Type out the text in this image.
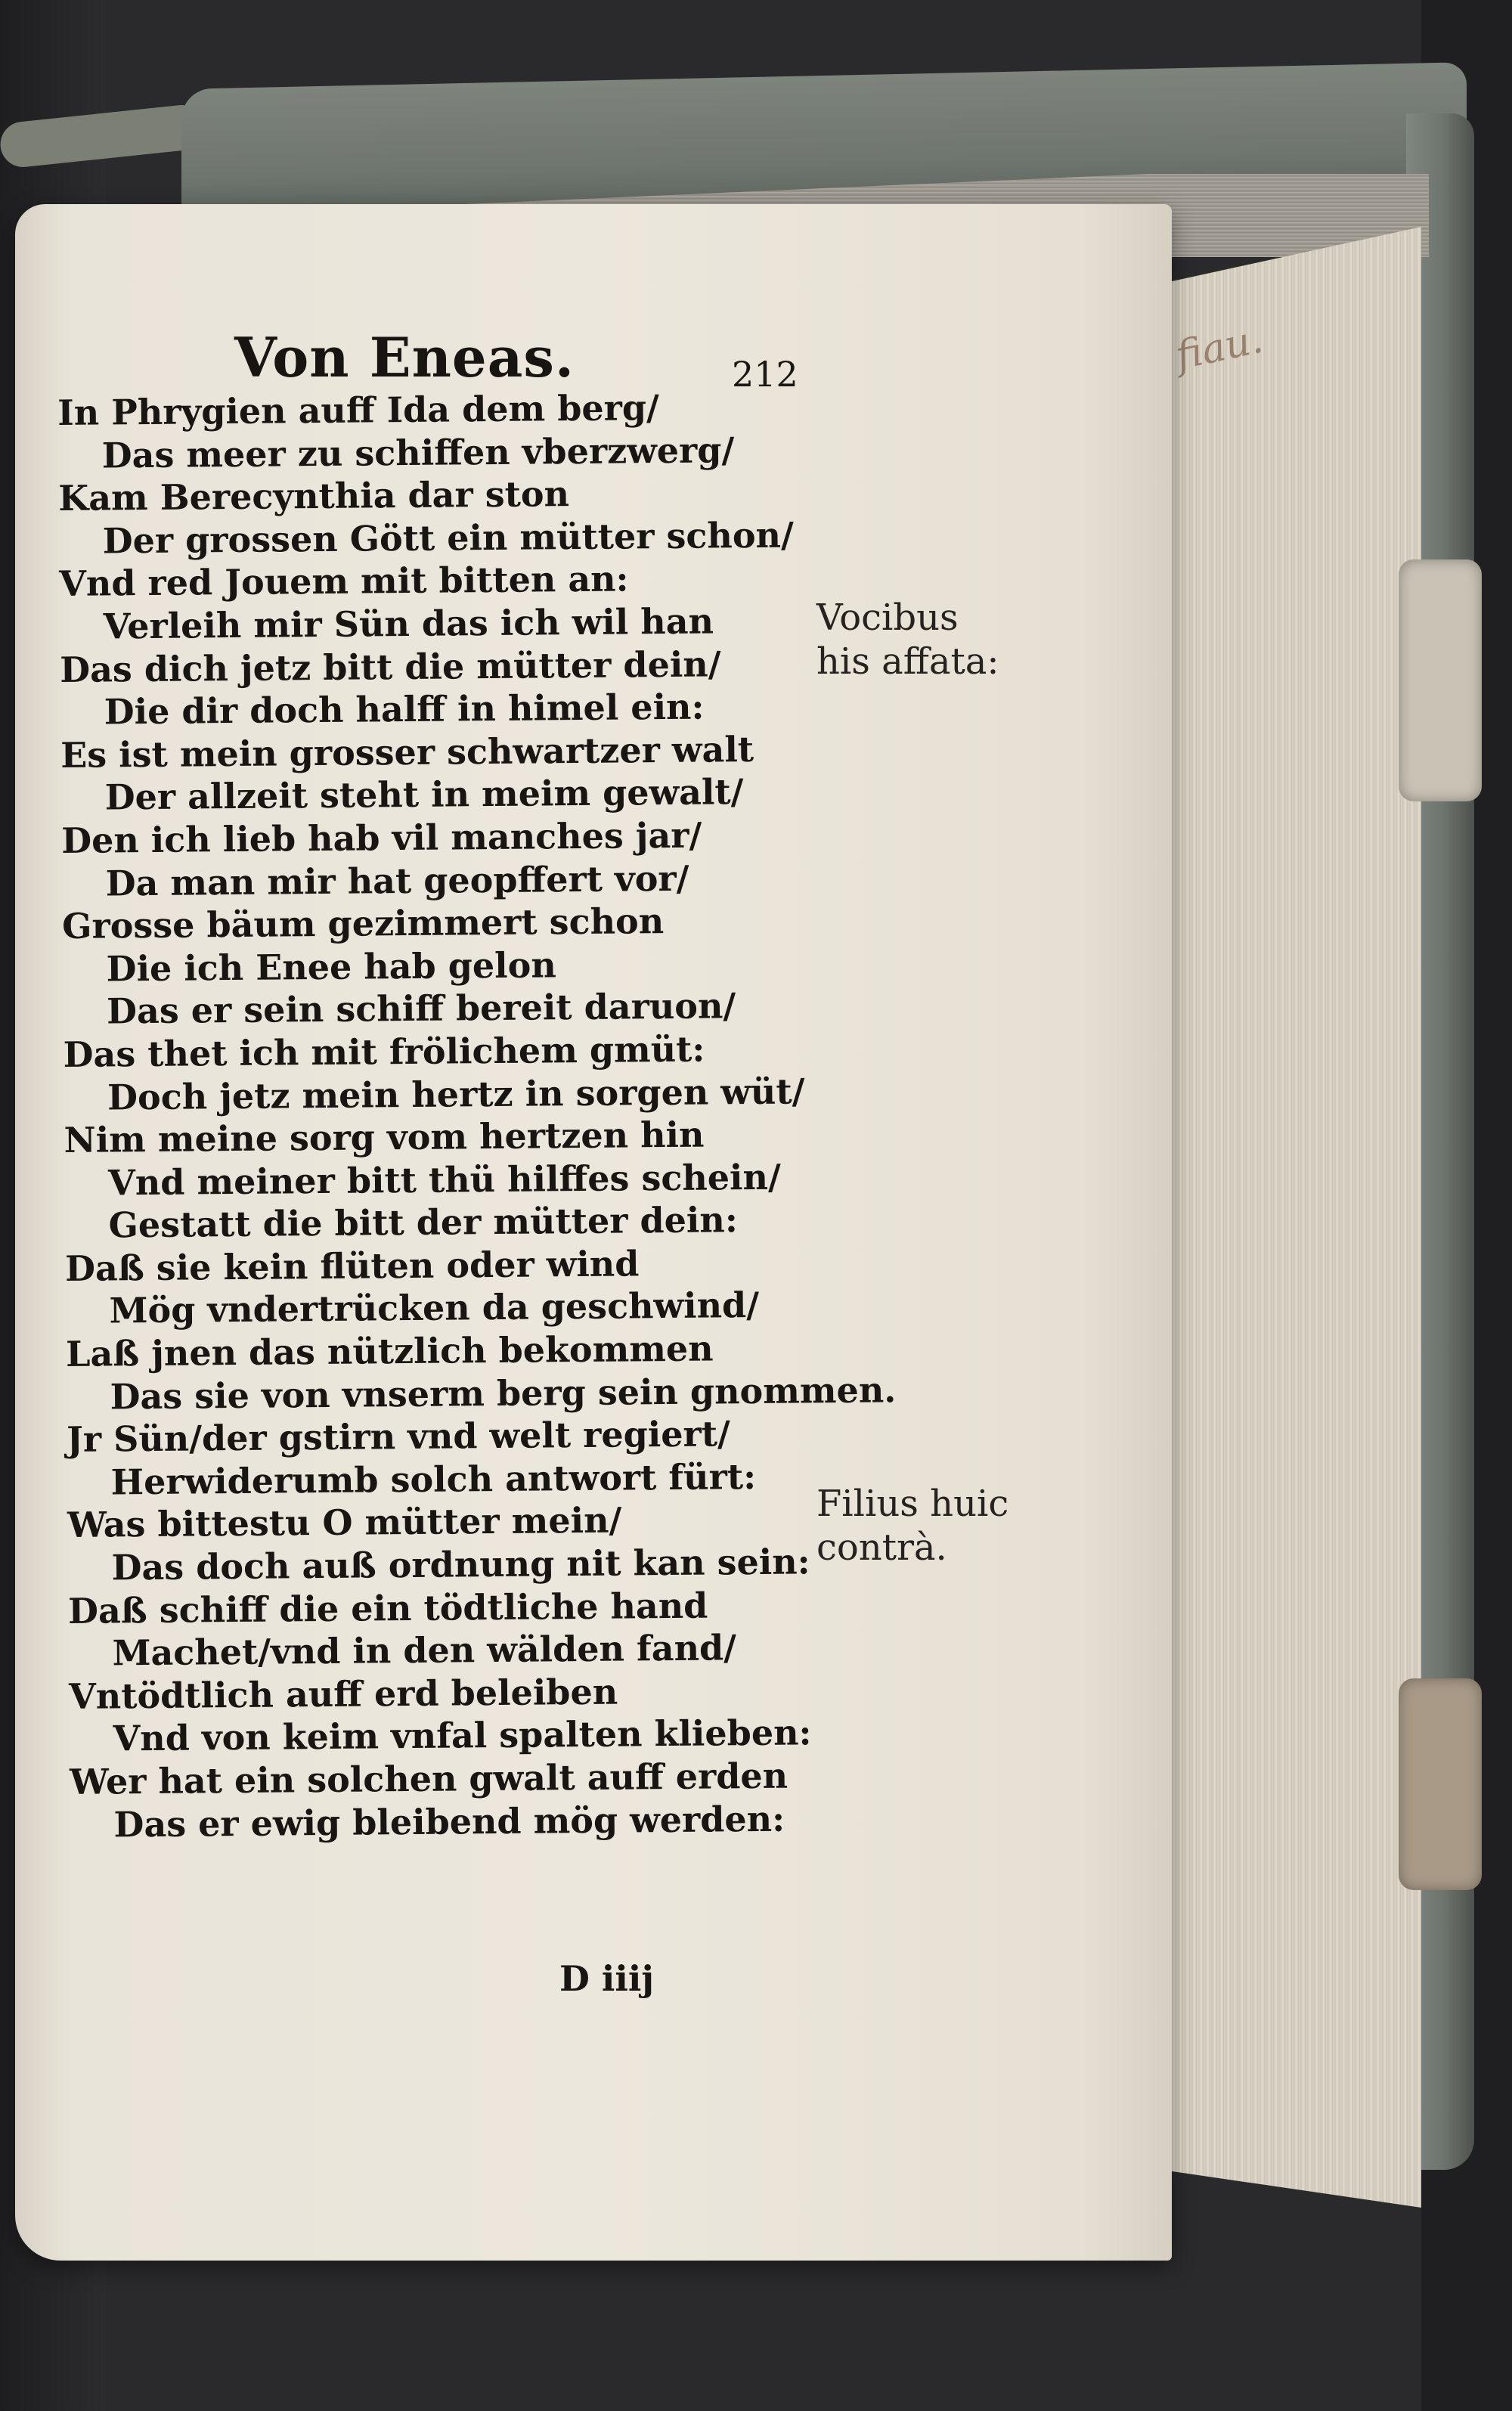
fiau.
Von Eneas.	212
In Phrygien auff Ida dem berg/
Das meer zu schiffen vberzwerg/
Kam Berecynthia dar ston
Der grossen Gött ein mütter schon/
Vnd red Jouem mit bitten an:
Verleih mir Sün das ich wil han
Das dich jetz bitt die mütter dein/
Die dir doch halff in himel ein:
Es ist mein grosser schwartzer walt
Der allzeit steht in meim gewalt/
Den ich lieb hab vil manches jar/
Da man mir hat geopffert vor/
Grosse bäum gezimmert schon
Die ich Enee hab gelon
Das er sein schiff bereit daruon/
Das thet ich mit frölichem gmüt:
Doch jetz mein hertz in sorgen wüt/
Nim meine sorg vom hertzen hin
Vnd meiner bitt thü hilffes schein/
Gestatt die bitt der mütter dein:
Daß sie kein flüten oder wind
Mög vndertrücken da geschwind/
Laß jnen das nützlich bekommen
Das sie von vnserm berg sein gnommen.
Jr Sün/der gstirn vnd welt regiert/
Herwiderumb solch antwort fürt:
Was bittestu O mütter mein/
Das doch auß ordnung nit kan sein:
Daß schiff die ein tödtliche hand
Machet/vnd in den wälden fand/
Vntödtlich auff erd beleiben
Vnd von keim vnfal spalten klieben:
Wer hat ein solchen gwalt auff erden
Das er ewig bleibend mög werden:
Vocibus
his affata:
Filius huic
contrà.
D iiij
